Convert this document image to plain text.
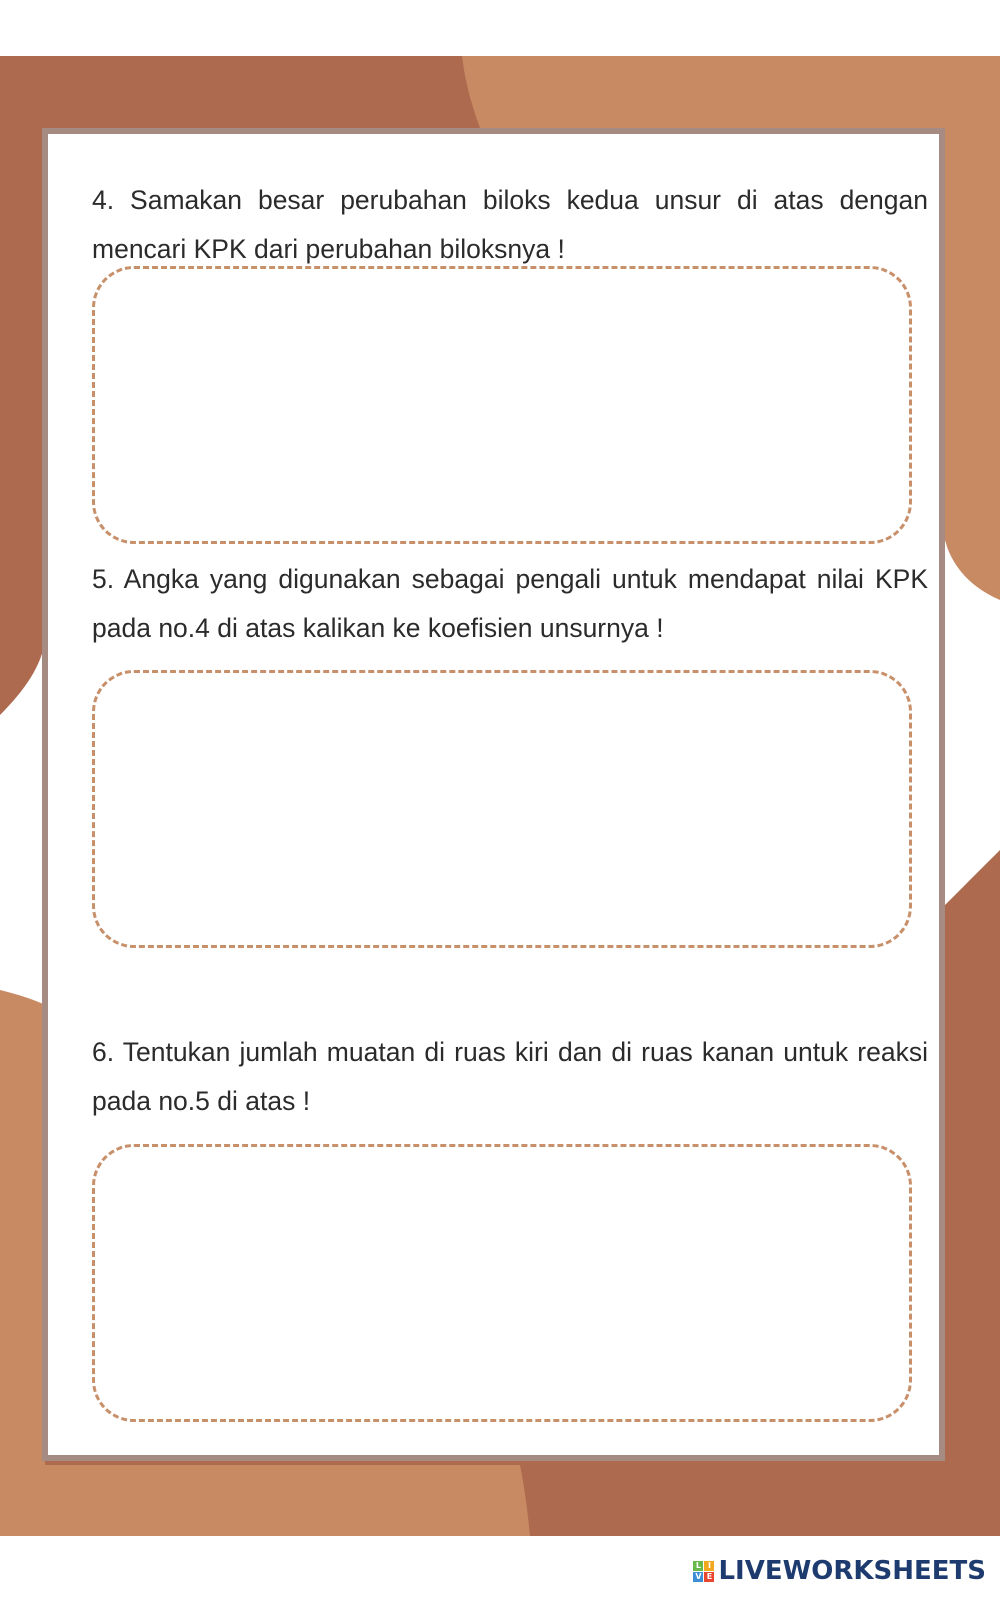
4. Samakan besar perubahan biloks kedua unsur di atas dengan mencari KPK dari perubahan biloksnya !

5. Angka yang digunakan sebagai pengali untuk mendapat nilai KPK pada no.4 di atas kalikan ke koefisien unsurnya !

6. Tentukan jumlah muatan di ruas kiri dan di ruas kanan untuk reaksi pada no.5 di atas !

L I
V E LIVEWORKSHEETS
